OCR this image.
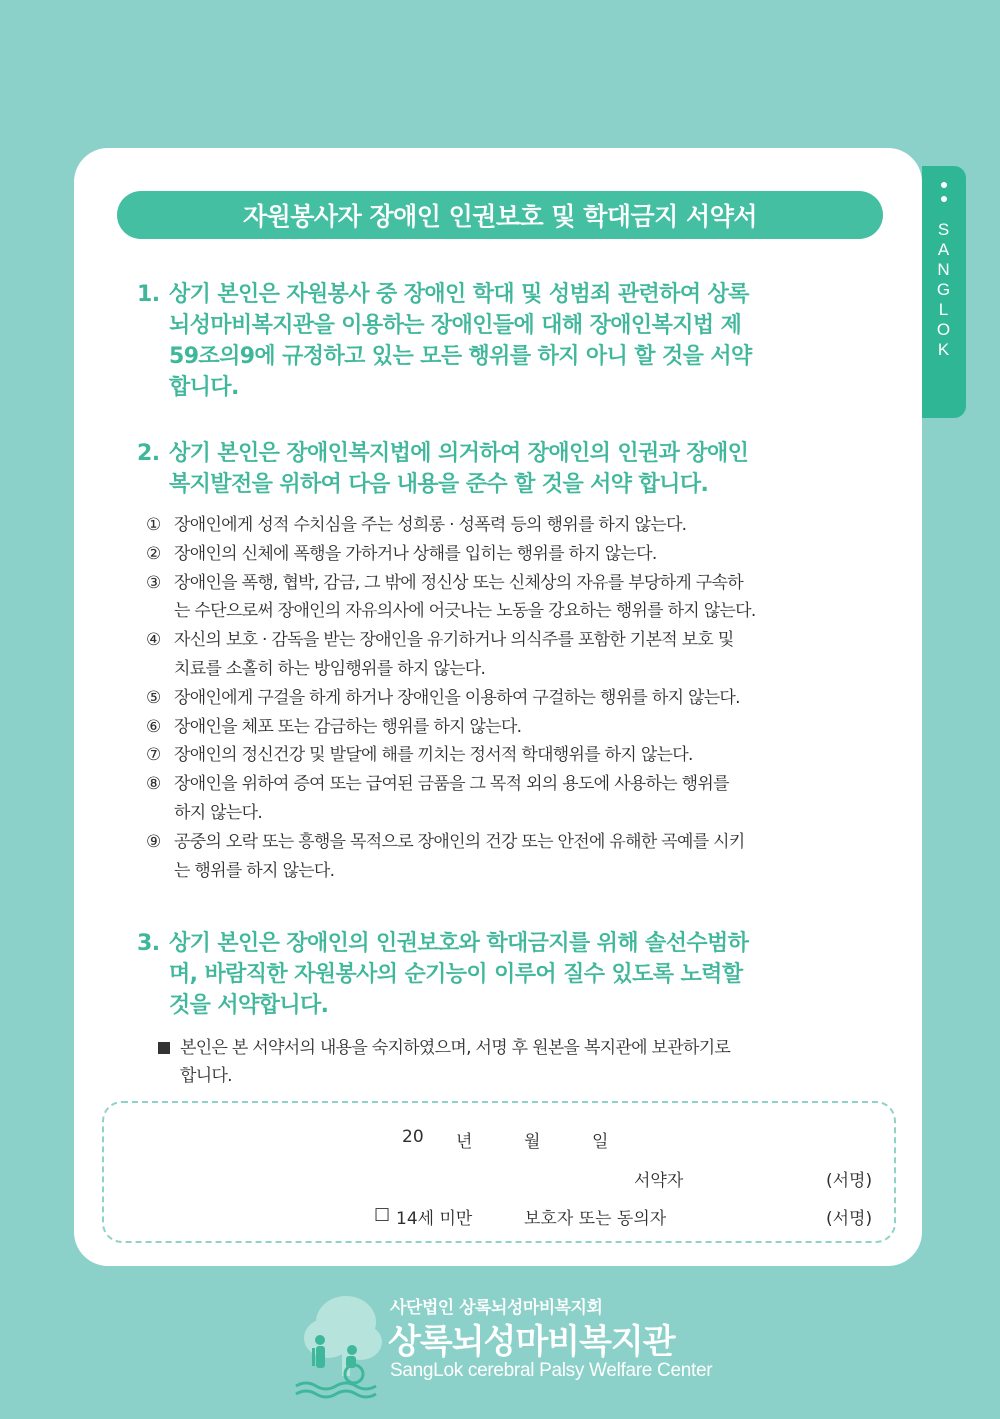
S
A
N
G
L
O
K
자원봉사자 장애인 인권보호 및 학대금지 서약서
1. 상기 본인은 자원봉사 중 장애인 학대 및 성범죄 관련하여 상록
뇌성마비복지관을 이용하는 장애인들에 대해 장애인복지법 제
59조의9에 규정하고 있는 모든 행위를 하지 아니 할 것을 서약
합니다.
2. 상기 본인은 장애인복지법에 의거하여 장애인의 인권과 장애인
복지발전을 위하여 다음 내용을 준수 할 것을 서약 합니다.
① 장애인에게 성적 수치심을 주는 성희롱 · 성폭력 등의 행위를 하지 않는다.
② 장애인의 신체에 폭행을 가하거나 상해를 입히는 행위를 하지 않는다.
③ 장애인을 폭행, 협박, 감금, 그 밖에 정신상 또는 신체상의 자유를 부당하게 구속하
는 수단으로써 장애인의 자유의사에 어긋나는 노동을 강요하는 행위를 하지 않는다.
④ 자신의 보호 · 감독을 받는 장애인을 유기하거나 의식주를 포함한 기본적 보호 및
치료를 소홀히 하는 방임행위를 하지 않는다.
⑤ 장애인에게 구걸을 하게 하거나 장애인을 이용하여 구걸하는 행위를 하지 않는다.
⑥ 장애인을 체포 또는 감금하는 행위를 하지 않는다.
⑦ 장애인의 정신건강 및 발달에 해를 끼치는 정서적 학대행위를 하지 않는다.
⑧ 장애인을 위하여 증여 또는 급여된 금품을 그 목적 외의 용도에 사용하는 행위를
하지 않는다.
⑨ 공중의 오락 또는 흥행을 목적으로 장애인의 건강 또는 안전에 유해한 곡예를 시키
는 행위를 하지 않는다.
3. 상기 본인은 장애인의 인권보호와 학대금지를 위해 솔선수범하
며, 바람직한 자원봉사의 순기능이 이루어 질수 있도록 노력할
것을 서약합니다.
본인은 본 서약서의 내용을 숙지하였으며, 서명 후 원본을 복지관에 보관하기로
합니다.
20 년	월	일
서약자	(서명)
□ 14세 미만	보호자 또는 동의자	(서명)
사단법인 상록뇌성마비복지회
상록뇌성마비복지관
SangLok cerebral Palsy Welfare Center
